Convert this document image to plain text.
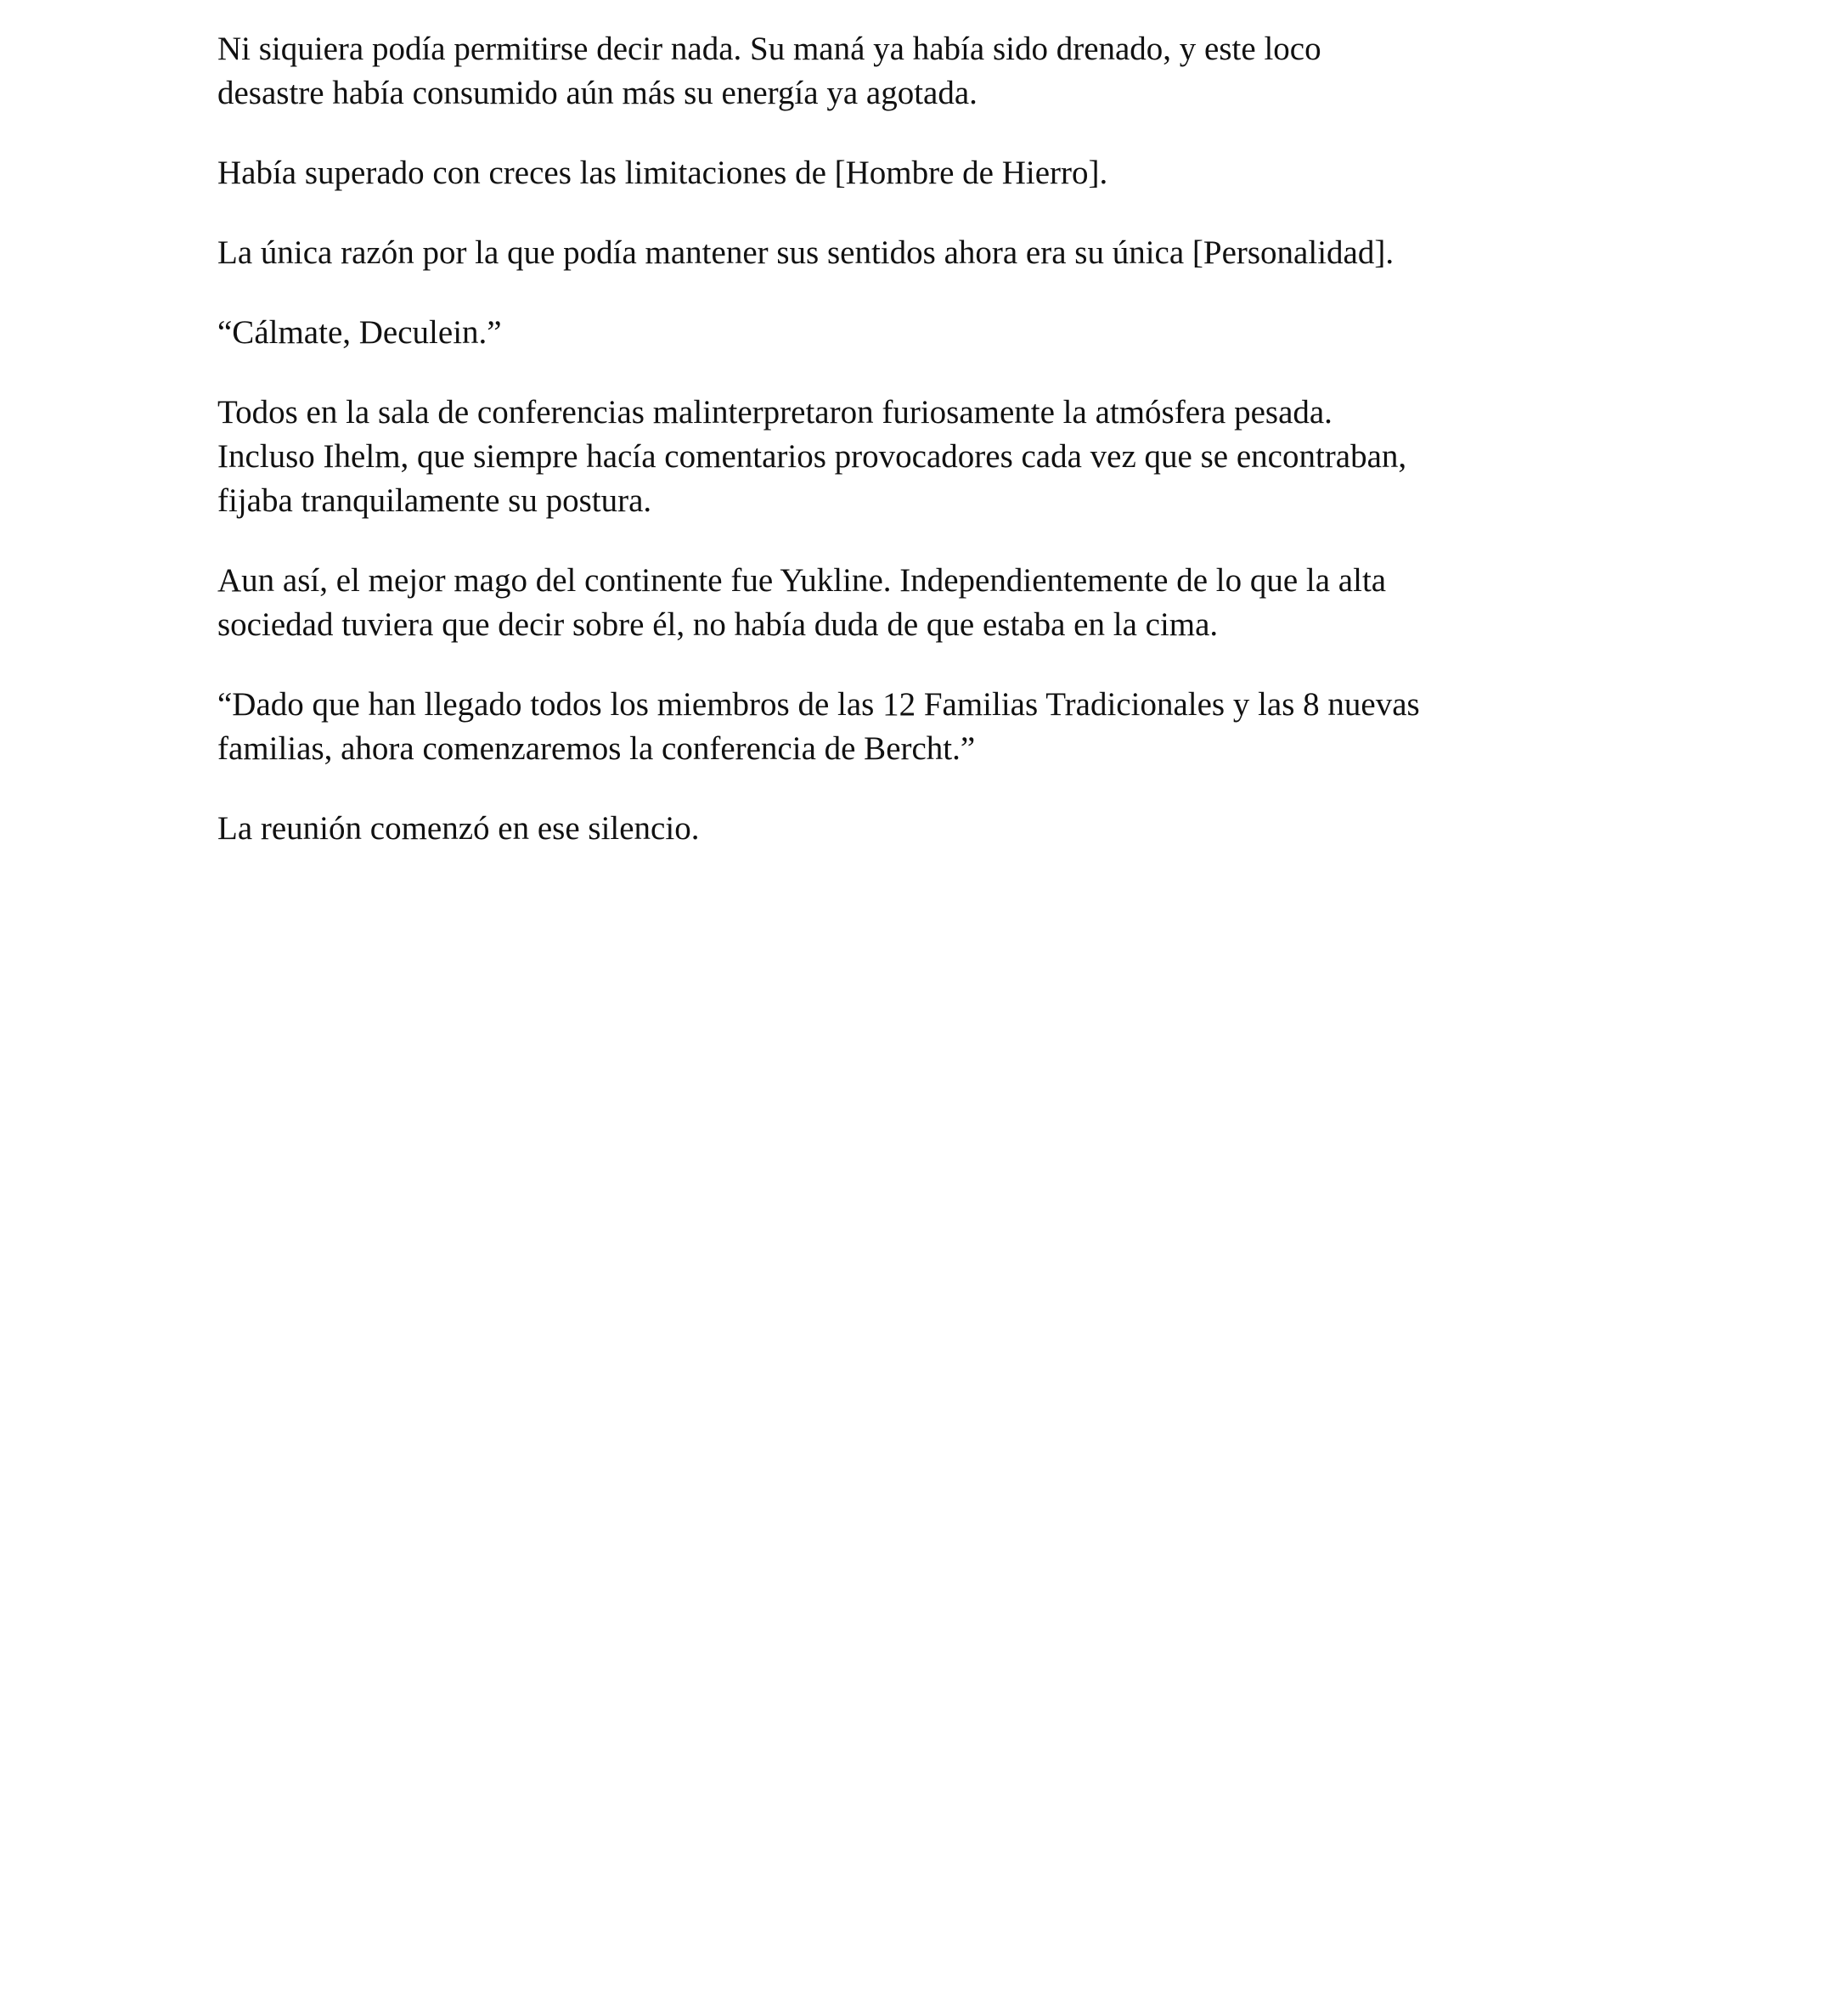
Ni siquiera podía permitirse decir nada. Su maná ya había sido drenado, y este loco
desastre había consumido aún más su energía ya agotada.

Había superado con creces las limitaciones de [Hombre de Hierro].

La única razón por la que podía mantener sus sentidos ahora era su única [Personalidad].

“Cálmate, Deculein.”

Todos en la sala de conferencias malinterpretaron furiosamente la atmósfera pesada.
Incluso Ihelm, que siempre hacía comentarios provocadores cada vez que se encontraban,
fijaba tranquilamente su postura.

Aun así, el mejor mago del continente fue Yukline. Independientemente de lo que la alta
sociedad tuviera que decir sobre él, no había duda de que estaba en la cima.

“Dado que han llegado todos los miembros de las 12 Familias Tradicionales y las 8 nuevas
familias, ahora comenzaremos la conferencia de Bercht.”

La reunión comenzó en ese silencio.
